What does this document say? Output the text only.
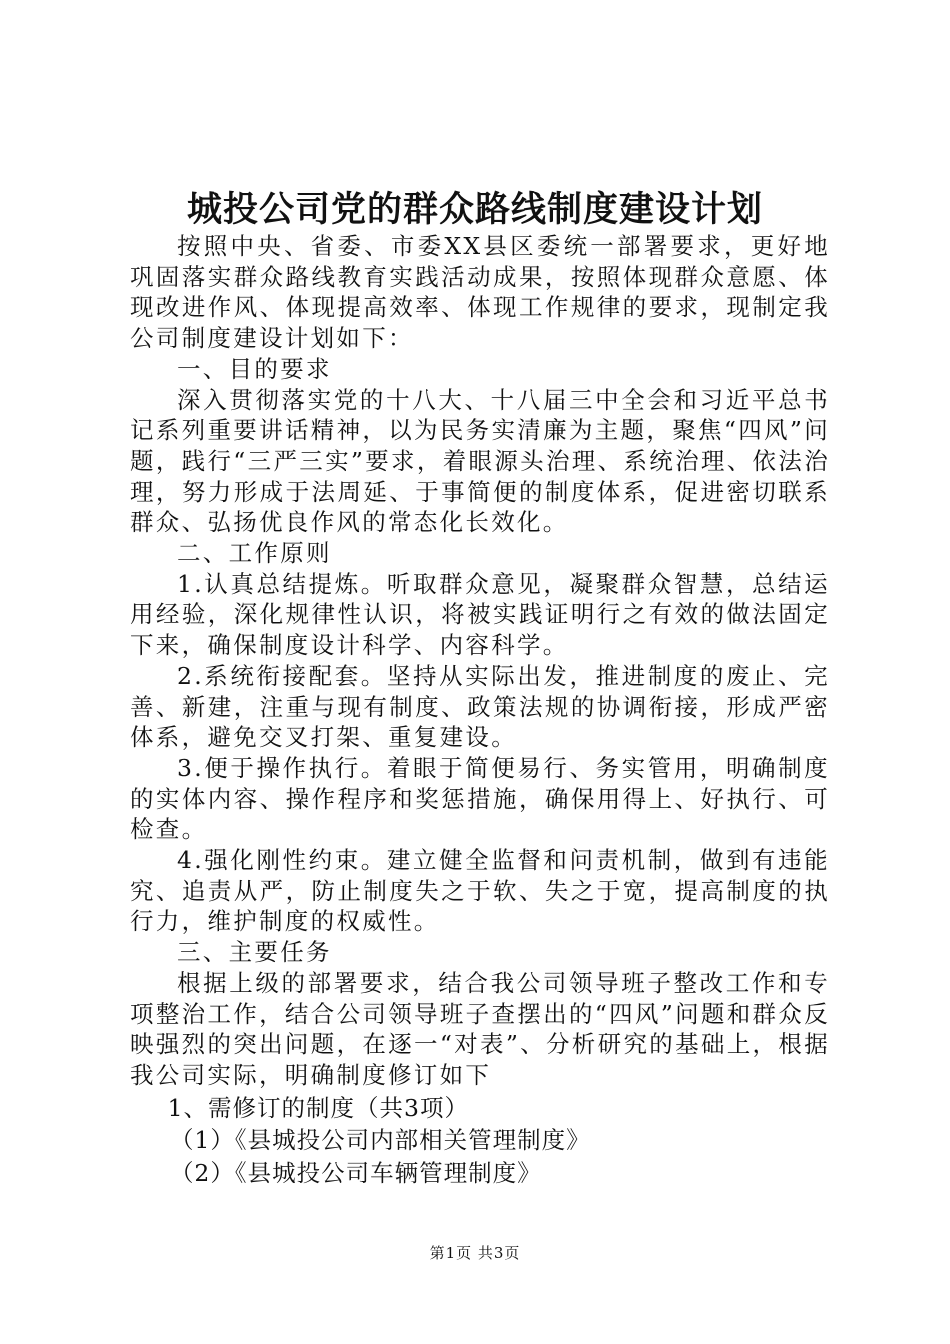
城投公司党的群众路线制度建设计划

按照中央、省委、市委XX县区委统一部署要求，更好地巩固落实群众路线教育实践活动成果，按照体现群众意愿、体现改进作风、体现提高效率、体现工作规律的要求，现制定我公司制度建设计划如下：

一、目的要求

深入贯彻落实党的十八大、十八届三中全会和习近平总书记系列重要讲话精神，以为民务实清廉为主题，聚焦“四风”问题，践行“三严三实”要求，着眼源头治理、系统治理、依法治理，努力形成于法周延、于事简便的制度体系，促进密切联系群众、弘扬优良作风的常态化长效化。

二、工作原则

1.认真总结提炼。听取群众意见，凝聚群众智慧，总结运用经验，深化规律性认识，将被实践证明行之有效的做法固定下来，确保制度设计科学、内容科学。

2.系统衔接配套。坚持从实际出发，推进制度的废止、完善、新建，注重与现有制度、政策法规的协调衔接，形成严密体系，避免交叉打架、重复建设。

3.便于操作执行。着眼于简便易行、务实管用，明确制度的实体内容、操作程序和奖惩措施，确保用得上、好执行、可检查。

4.强化刚性约束。建立健全监督和问责机制，做到有违能究、追责从严，防止制度失之于软、失之于宽，提高制度的执行力，维护制度的权威性。

三、主要任务

根据上级的部署要求，结合我公司领导班子整改工作和专项整治工作，结合公司领导班子查摆出的“四风”问题和群众反映强烈的突出问题，在逐一“对表”、分析研究的基础上，根据我公司实际，明确制度修订如下

1、需修订的制度（共3项）

（1）《县城投公司内部相关管理制度》

（2）《县城投公司车辆管理制度》

第1页 共3页
